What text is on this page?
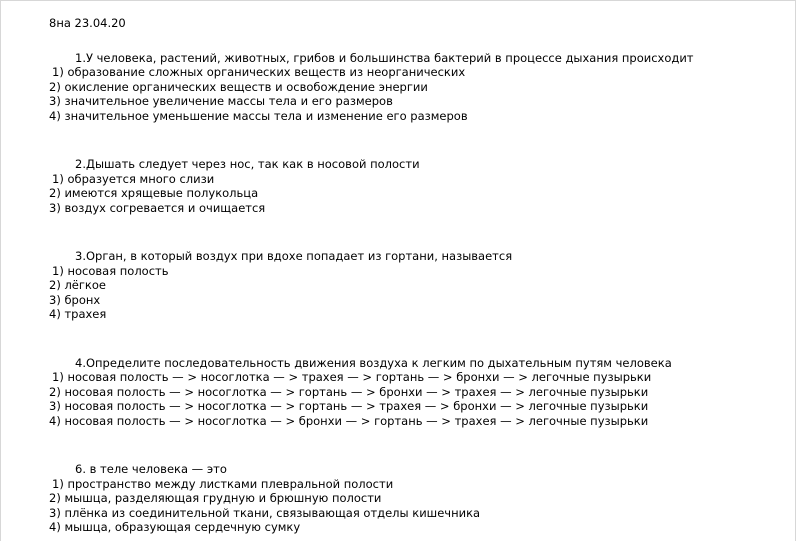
8на 23.04.20
1.У человека, растений, животных, грибов и большинства бактерий в процессе дыхания происходит
1) образование сложных органических веществ из неорганических
2) окисление органических веществ и освобождение энергии
3) значительное увеличение массы тела и его размеров
4) значительное уменьшение массы тела и изменение его размеров
2.Дышать следует через нос, так как в носовой полости
1) образуется много слизи
2) имеются хрящевые полукольца
3) воздух согревается и очищается
3.Орган, в который воздух при вдохе попадает из гортани, называется
1) носовая полость
2) лёгкое
3) бронх
4) трахея
4.Определите последовательность движения воздуха к легким по дыхательным путям человека
1) носовая полость — > носоглотка — > трахея — > гортань — > бронхи — > легочные пузырьки
2) носовая полость — > носоглотка — > гортань — > бронхи — > трахея — > легочные пузырьки
3) носовая полость — > носоглотка — > гортань — > трахея — > бронхи — > легочные пузырьки
4) носовая полость — > носоглотка — > бронхи — > гортань — > трахея — > легочные пузырьки
6. в теле человека — это
1) пространство между листками плевральной полости
2) мышца, разделяющая грудную и брюшную полости
3) плёнка из соединительной ткани, связывающая отделы кишечника
4) мышца, образующая сердечную сумку
